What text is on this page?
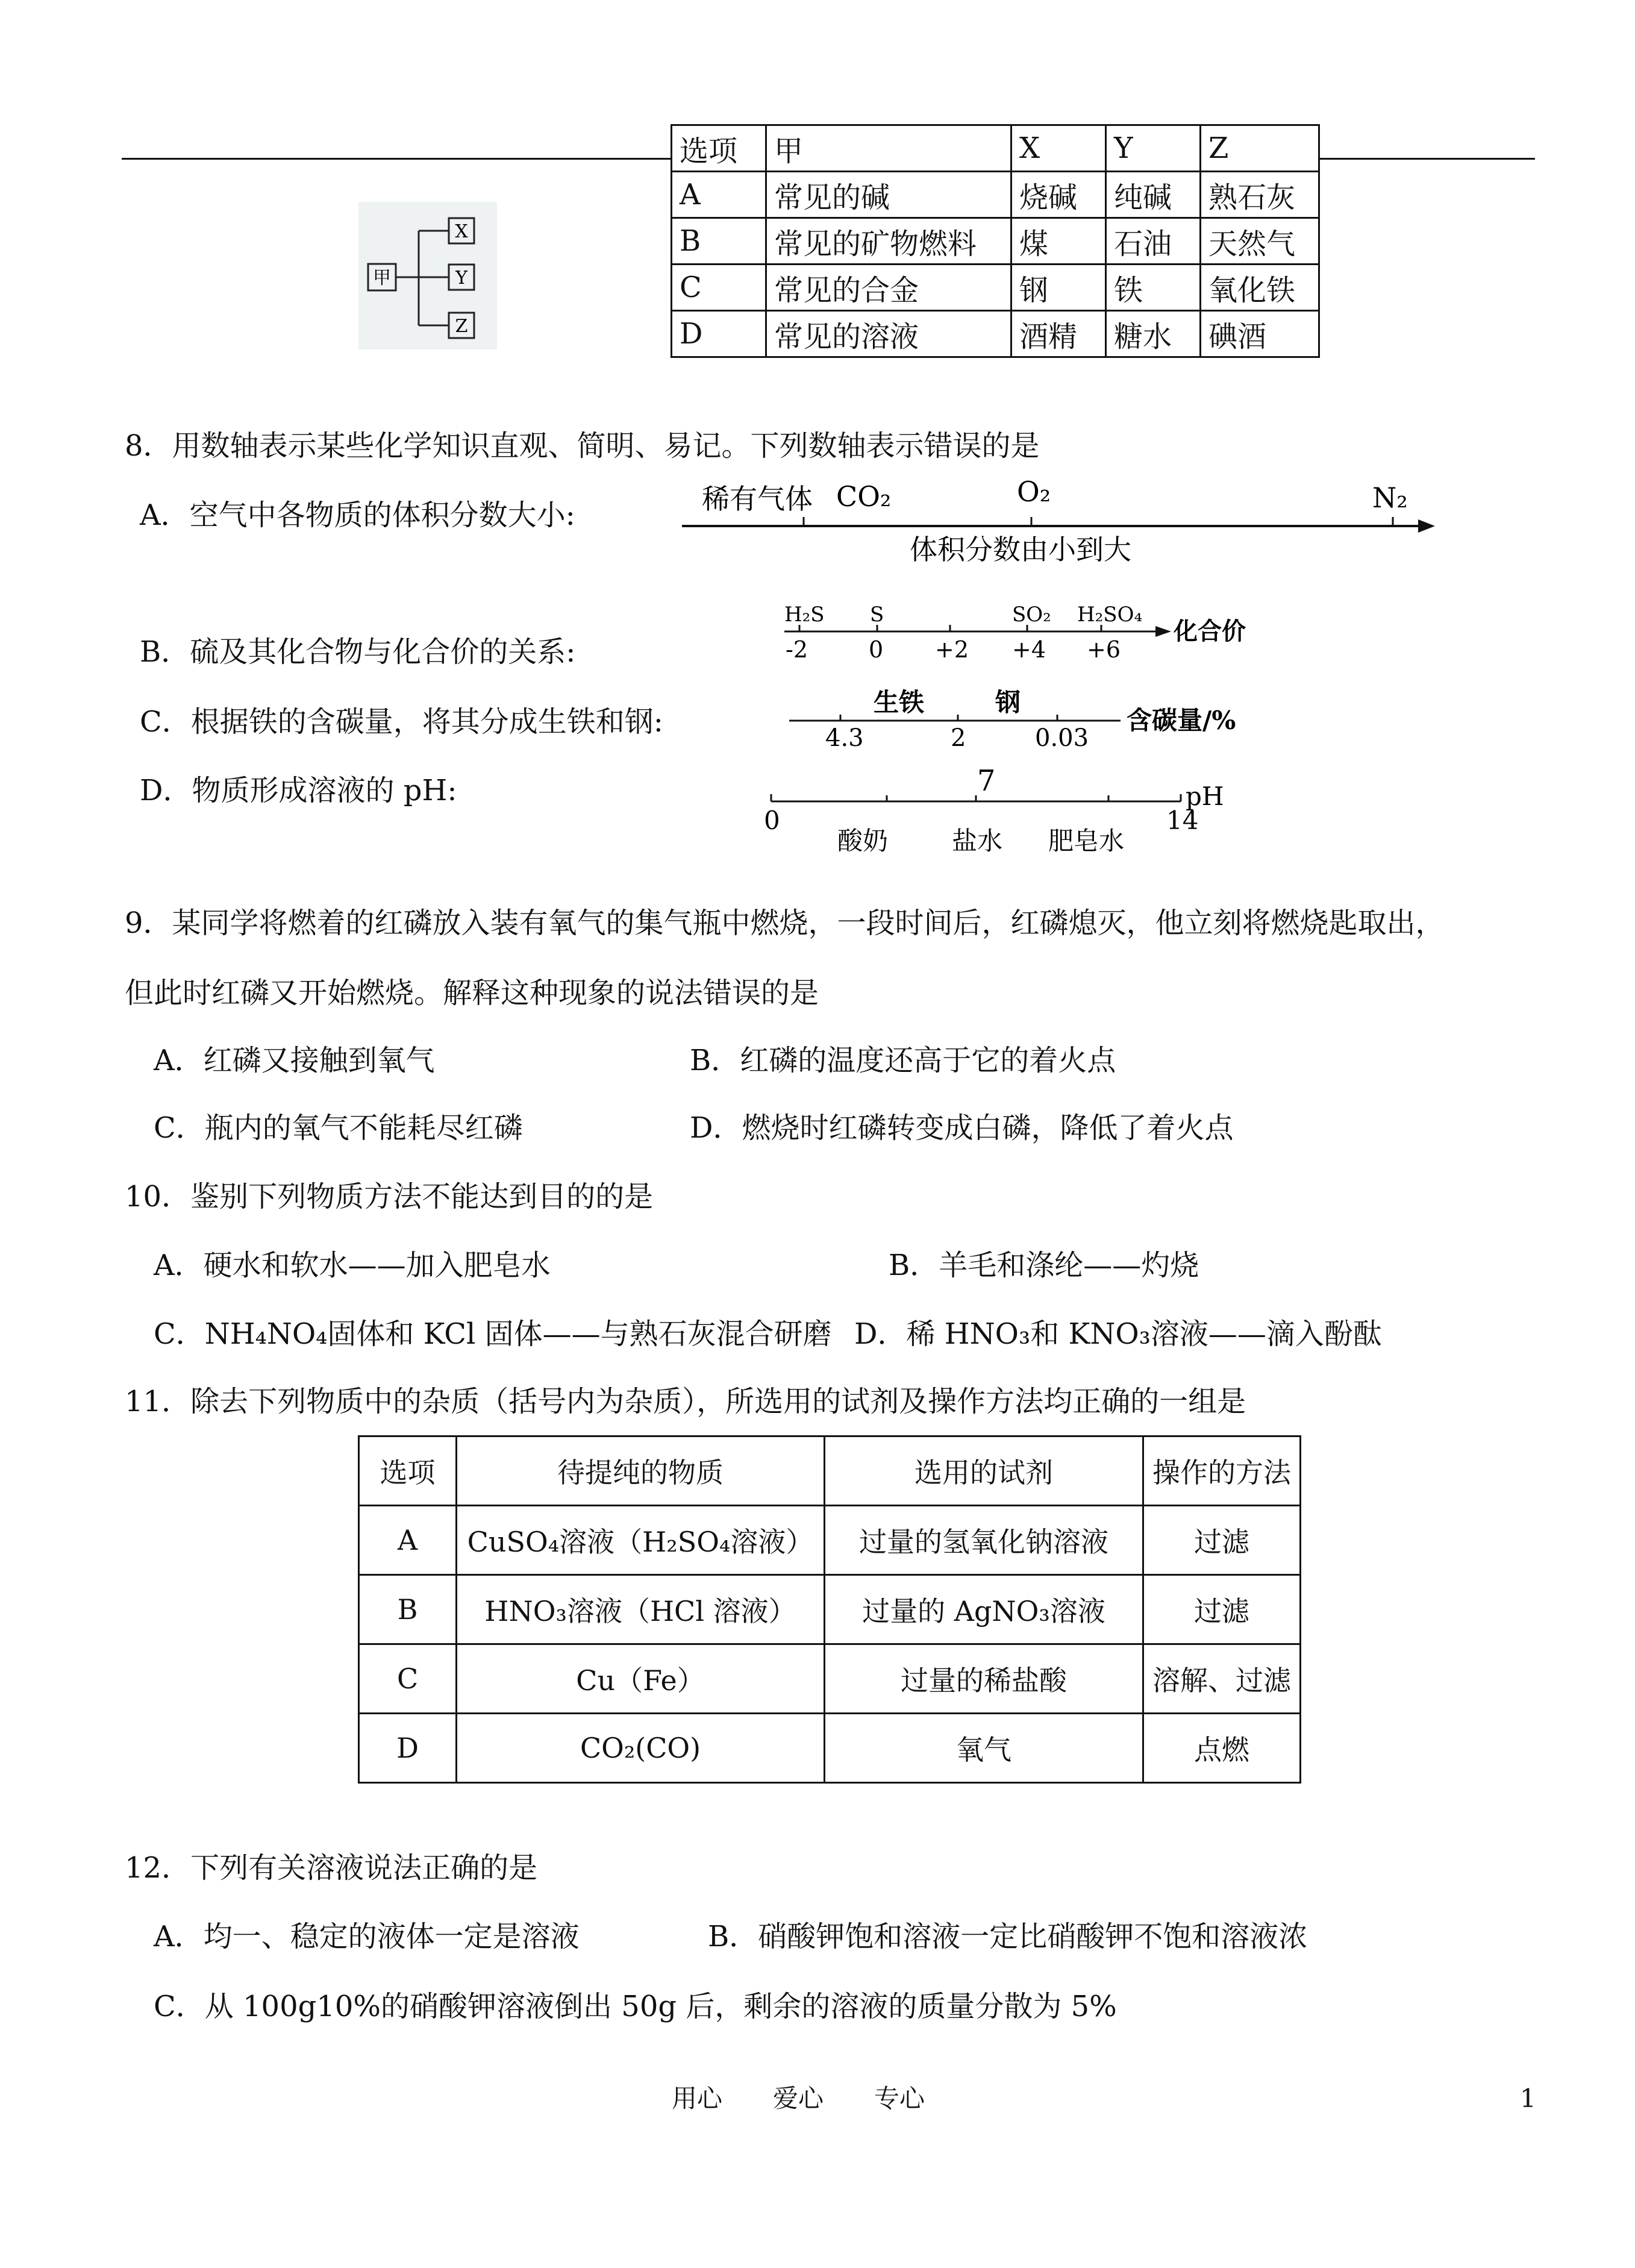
甲
X
Y
Z
选项	甲	X	Y	Z
A	常见的碱	烧碱	纯碱	熟石灰
B	常见的矿物燃料	煤	石油	天然气
C	常见的合金	钢	铁	氧化铁
D	常见的溶液	酒精	糖水	碘酒
8．用数轴表示某些化学知识直观、简明、易记。下列数轴表示错误的是
A．空气中各物质的体积分数大小:
B．硫及其化合物与化合价的关系:
C．根据铁的含碳量，将其分成生铁和钢:
D．物质形成溶液的 pH:
稀有气体 CO₂	O₂	N₂
体积分数由小到大
H₂S S	SO₂ H₂SO₄
-2	0 +2 +4 +6
化合价
生铁	钢
4.3	2	0.03
含碳量/%
7
0	14
pH
酸奶	盐水 肥皂水
9．某同学将燃着的红磷放入装有氧气的集气瓶中燃烧，一段时间后，红磷熄灭，他立刻将燃烧匙取出，
但此时红磷又开始燃烧。解释这种现象的说法错误的是
A．红磷又接触到氧气	B．红磷的温度还高于它的着火点
C．瓶内的氧气不能耗尽红磷	D．燃烧时红磷转变成白磷，降低了着火点
10．鉴别下列物质方法不能达到目的的是
A．硬水和软水——加入肥皂水	B．羊毛和涤纶——灼烧
C．NH₄NO₄固体和 KCl 固体——与熟石灰混合研磨 D．稀 HNO₃和 KNO₃溶液——滴入酚酞
11．除去下列物质中的杂质（括号内为杂质），所选用的试剂及操作方法均正确的一组是
选项	待提纯的物质	选用的试剂	操作的方法
A	CuSO₄溶液（H₂SO₄溶液）	过量的氢氧化钠溶液	过滤
B	HNO₃溶液（HCl 溶液）	过量的 AgNO₃溶液	过滤
C	Cu（Fe）	过量的稀盐酸	溶解、过滤
D	CO₂(CO)	氧气	点燃
12．下列有关溶液说法正确的是
A．均一、稳定的液体一定是溶液	B．硝酸钾饱和溶液一定比硝酸钾不饱和溶液浓
C．从 100g10%的硝酸钾溶液倒出 50g 后，剩余的溶液的质量分散为 5%
用心　　爱心　　专心	1
